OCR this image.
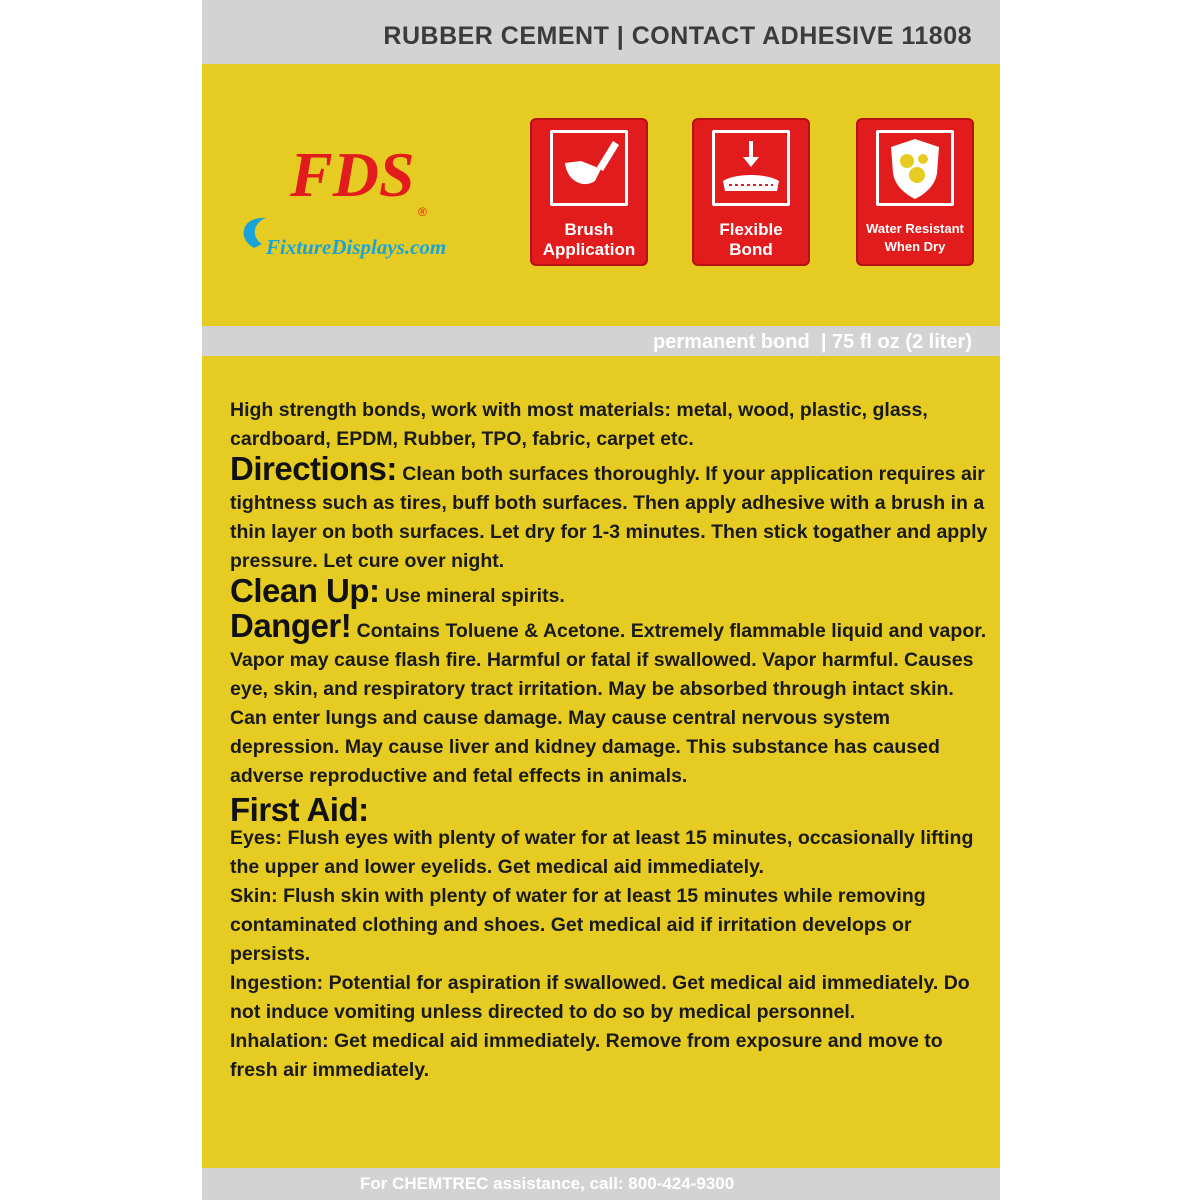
RUBBER CEMENT | CONTACT ADHESIVE 11808
FDS
®
FixtureDisplays.com
Brush
Application
Flexible
Bond
Water Resistant
When Dry
permanent bond  | 75 fl oz (2 liter)

High strength bonds, work with most materials: metal, wood, plastic, glass, cardboard, EPDM, Rubber, TPO, fabric, carpet etc.

Directions: Clean both surfaces thoroughly. If your application requires air tightness such as tires, buff both surfaces. Then apply adhesive with a brush in a thin layer on both surfaces. Let dry for 1-3 minutes. Then stick togather and apply pressure. Let cure over night.

Clean Up: Use mineral spirits.

Danger! Contains Toluene & Acetone. Extremely flammable liquid and vapor. Vapor may cause flash fire. Harmful or fatal if swallowed. Vapor harmful. Causes eye, skin, and respiratory tract irritation. May be absorbed through intact skin. Can enter lungs and cause damage. May cause central nervous system depression. May cause liver and kidney damage. This substance has caused adverse reproductive and fetal effects in animals.

First Aid:

Eyes: Flush eyes with plenty of water for at least 15 minutes, occasionally lifting the upper and lower eyelids. Get medical aid immediately.

Skin: Flush skin with plenty of water for at least 15 minutes while removing contaminated clothing and shoes. Get medical aid if irritation develops or persists.

Ingestion: Potential for aspiration if swallowed. Get medical aid immediately. Do not induce vomiting unless directed to do so by medical personnel.

Inhalation: Get medical aid immediately. Remove from exposure and move to fresh air immediately.

For CHEMTREC assistance, call: 800-424-9300
